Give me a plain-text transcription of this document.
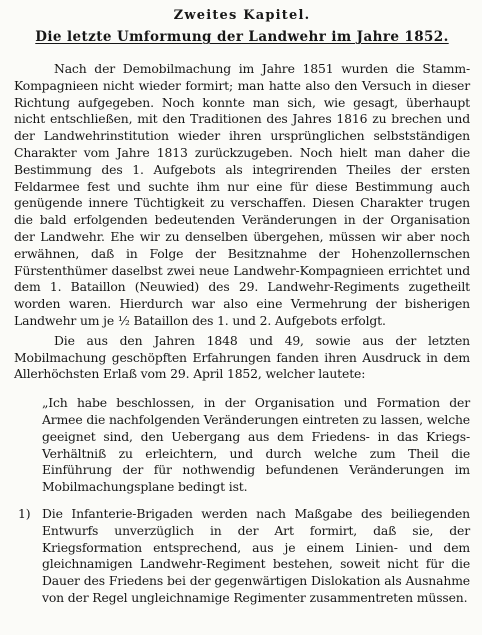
Zweites Kapitel.
Die letzte Umformung der Landwehr im Jahre 1852.

Nach der Demobilmachung im Jahre 1851 wurden die Stamm-Kompagnieen nicht wieder formirt; man hatte also den Versuch in dieser Richtung aufgegeben. Noch konnte man sich, wie gesagt, überhaupt nicht entschließen, mit den Traditionen des Jahres 1816 zu brechen und der Landwehrinstitution wieder ihren ursprünglichen selbstständigen Charakter vom Jahre 1813 zurückzugeben. Noch hielt man daher die Bestimmung des 1. Aufgebots als integrirenden Theiles der ersten Feldarmee fest und suchte ihm nur eine für diese Bestimmung auch genügende innere Tüchtigkeit zu verschaffen. Diesen Charakter trugen die bald erfolgenden bedeutenden Veränderungen in der Organisation der Landwehr. Ehe wir zu denselben übergehen, müssen wir aber noch erwähnen, daß in Folge der Besitznahme der Hohenzollernschen Fürstenthümer daselbst zwei neue Landwehr-Kompagnieen errichtet und dem 1. Bataillon (Neuwied) des 29. Landwehr-Regiments zugetheilt worden waren. Hierdurch war also eine Vermehrung der bisherigen Landwehr um je ½ Bataillon des 1. und 2. Aufgebots erfolgt.

Die aus den Jahren 1848 und 49, sowie aus der letzten Mobilmachung geschöpften Erfahrungen fanden ihren Ausdruck in dem Allerhöchsten Erlaß vom 29. April 1852, welcher lautete:

„Ich habe beschlossen, in der Organisation und Formation der Armee die nachfolgenden Veränderungen eintreten zu lassen, welche geeignet sind, den Uebergang aus dem Friedens- in das Kriegs-Verhältniß zu erleichtern, und durch welche zum Theil die Einführung der für nothwendig befundenen Veränderungen im Mobilmachungsplane bedingt ist.

1) Die Infanterie-Brigaden werden nach Maßgabe des beiliegenden Entwurfs unverzüglich in der Art formirt, daß sie, der Kriegsformation entsprechend, aus je einem Linien- und dem gleichnamigen Landwehr-Regiment bestehen, soweit nicht für die Dauer des Friedens bei der gegenwärtigen Dislokation als Ausnahme von der Regel ungleichnamige Regimenter zusammentreten müssen.
